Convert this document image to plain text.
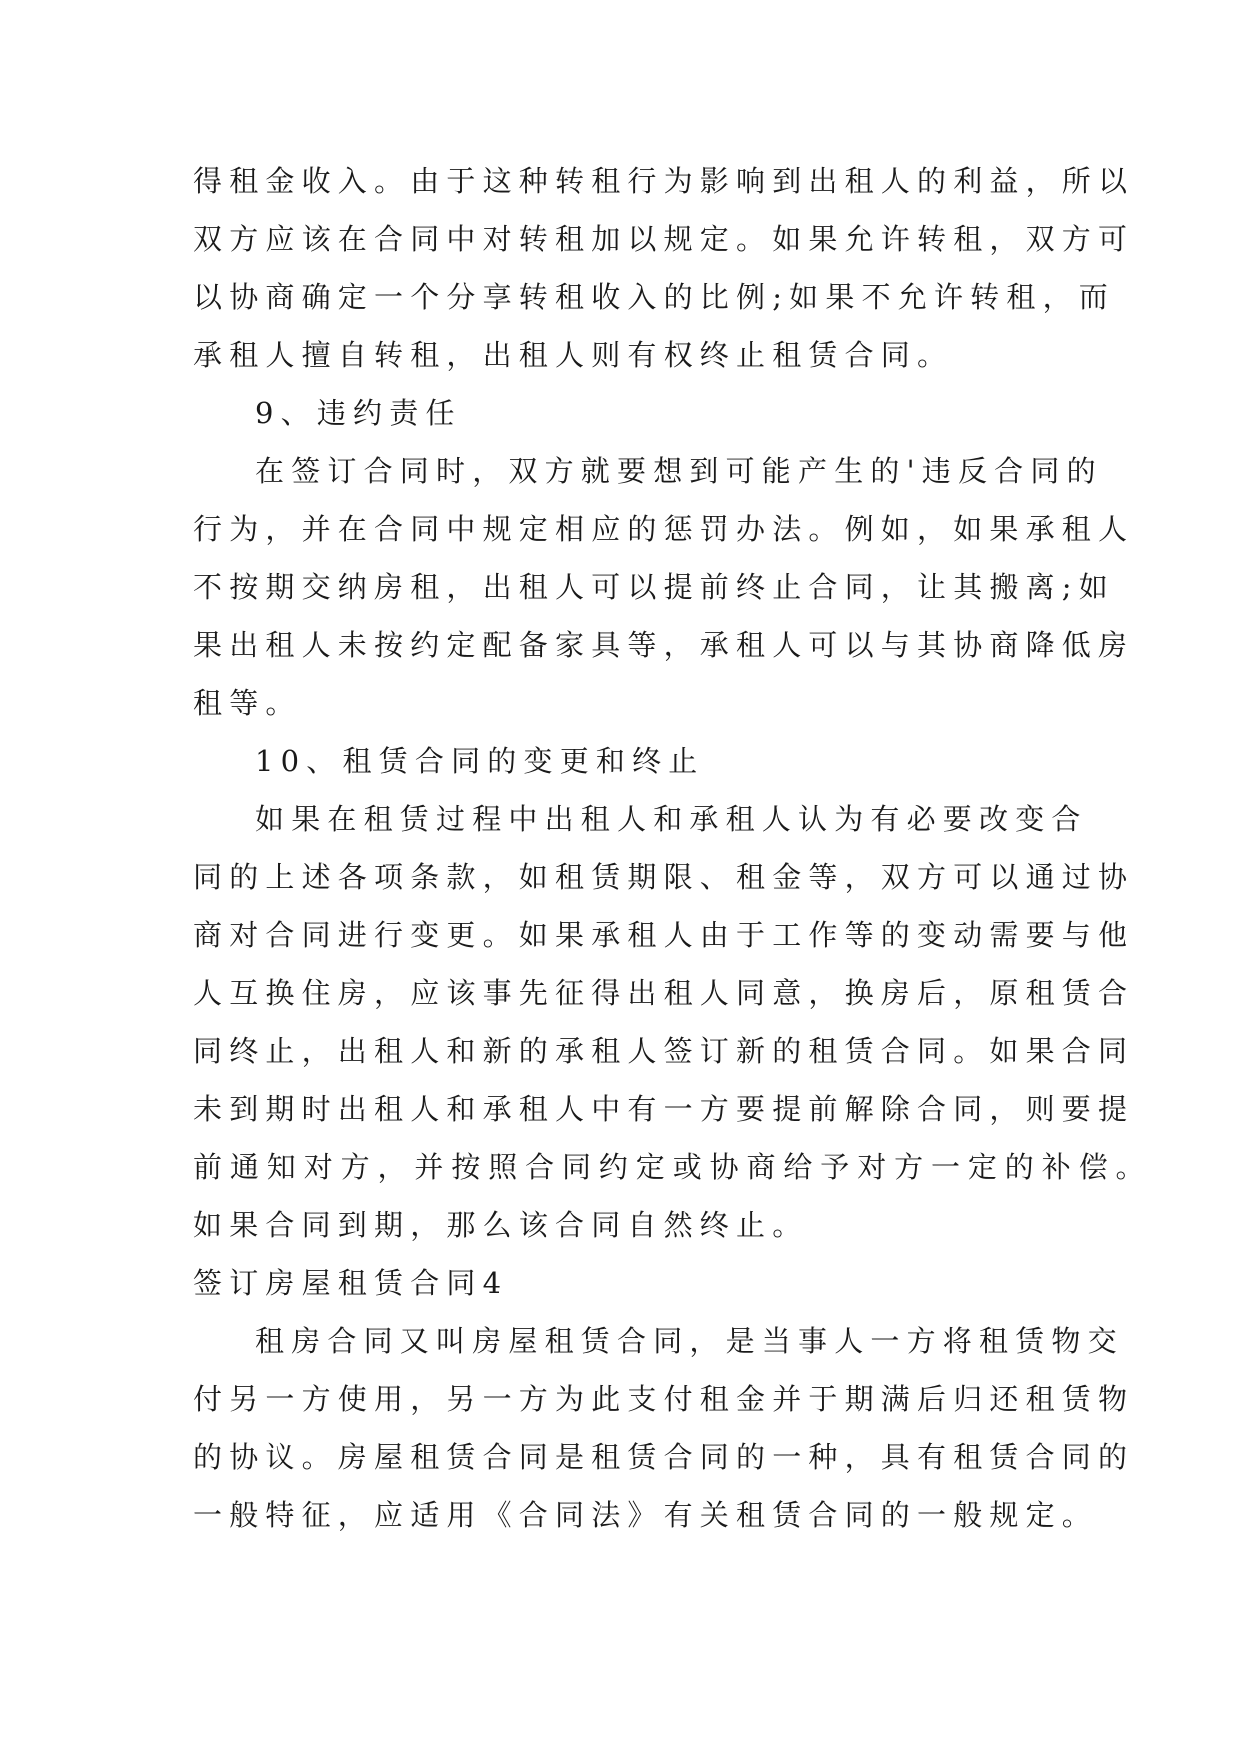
得租金收入。由于这种转租行为影响到出租人的利益，所以
双方应该在合同中对转租加以规定。如果允许转租，双方可
以协商确定一个分享转租收入的比例;如果不允许转租，而
承租人擅自转租，出租人则有权终止租赁合同。
9、违约责任
在签订合同时，双方就要想到可能产生的'违反合同的
行为，并在合同中规定相应的惩罚办法。例如，如果承租人
不按期交纳房租，出租人可以提前终止合同，让其搬离;如
果出租人未按约定配备家具等，承租人可以与其协商降低房
租等。
10、租赁合同的变更和终止
如果在租赁过程中出租人和承租人认为有必要改变合
同的上述各项条款，如租赁期限、租金等，双方可以通过协
商对合同进行变更。如果承租人由于工作等的变动需要与他
人互换住房，应该事先征得出租人同意，换房后，原租赁合
同终止，出租人和新的承租人签订新的租赁合同。如果合同
未到期时出租人和承租人中有一方要提前解除合同，则要提
前通知对方，并按照合同约定或协商给予对方一定的补偿。
如果合同到期，那么该合同自然终止。
签订房屋租赁合同4
租房合同又叫房屋租赁合同，是当事人一方将租赁物交
付另一方使用，另一方为此支付租金并于期满后归还租赁物
的协议。房屋租赁合同是租赁合同的一种，具有租赁合同的
一般特征，应适用《合同法》有关租赁合同的一般规定。
